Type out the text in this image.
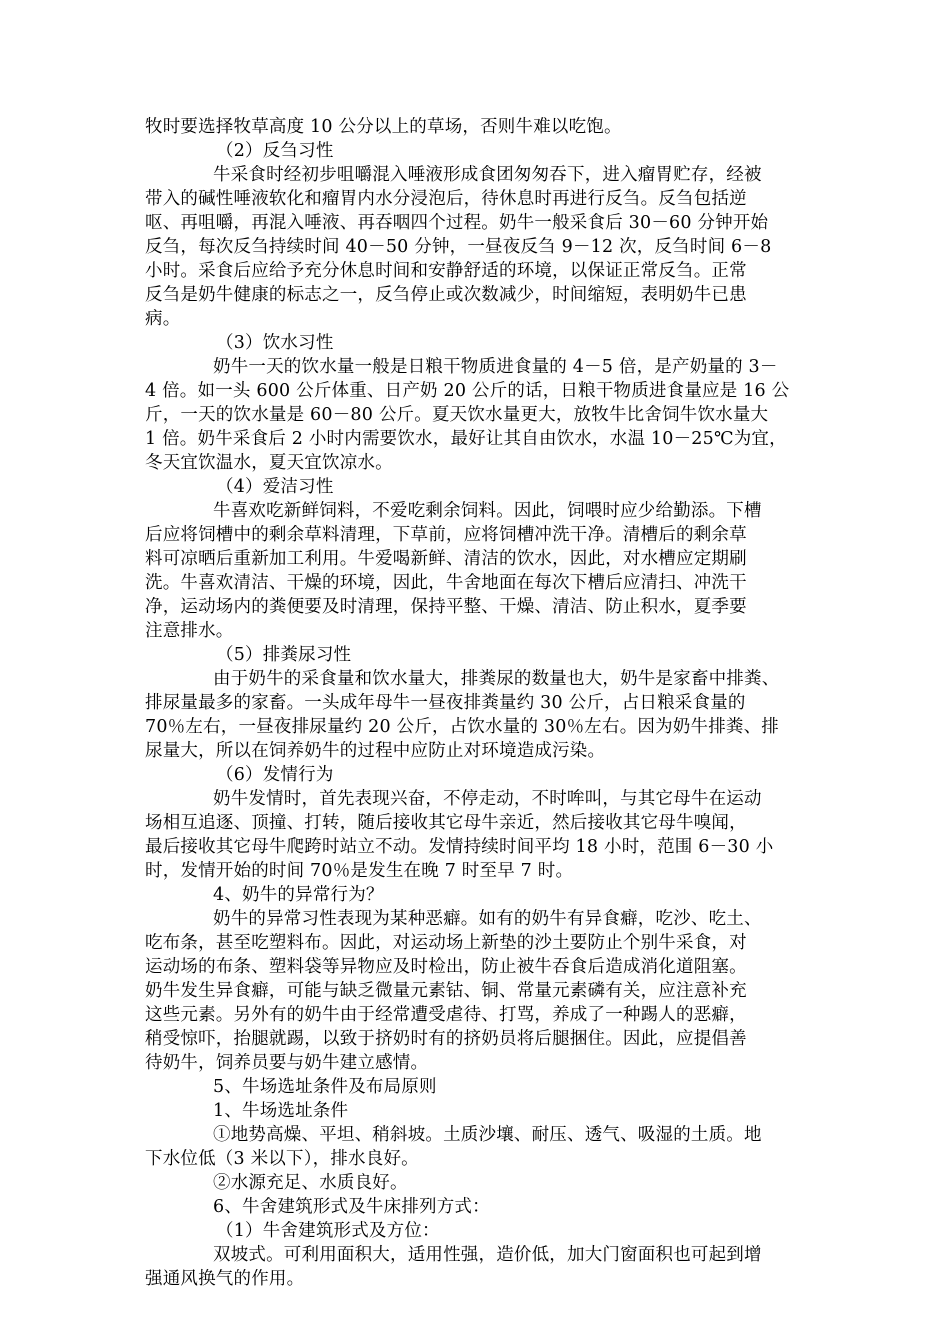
牧时要选择牧草高度 10 公分以上的草场，否则牛难以吃饱。
（2）反刍习性
牛采食时经初步咀嚼混入唾液形成食团匆匆吞下，进入瘤胃贮存，经被
带入的碱性唾液软化和瘤胃内水分浸泡后，待休息时再进行反刍。反刍包括逆
呕、再咀嚼，再混入唾液、再吞咽四个过程。奶牛一般采食后 30－60 分钟开始
反刍，每次反刍持续时间 40－50 分钟，一昼夜反刍 9－12 次，反刍时间 6－8
小时。采食后应给予充分休息时间和安静舒适的环境，以保证正常反刍。正常
反刍是奶牛健康的标志之一，反刍停止或次数减少，时间缩短，表明奶牛已患
病。
（3）饮水习性
奶牛一天的饮水量一般是日粮干物质进食量的 4－5 倍，是产奶量的 3－
4 倍。如一头 600 公斤体重、日产奶 20 公斤的话，日粮干物质进食量应是 16 公
斤，一天的饮水量是 60－80 公斤。夏天饮水量更大，放牧牛比舍饲牛饮水量大
1 倍。奶牛采食后 2 小时内需要饮水，最好让其自由饮水，水温 10－25℃为宜，
冬天宜饮温水，夏天宜饮凉水。
（4）爱洁习性
牛喜欢吃新鲜饲料，不爱吃剩余饲料。因此，饲喂时应少给勤添。下槽
后应将饲槽中的剩余草料清理，下草前，应将饲槽冲洗干净。清槽后的剩余草
料可凉晒后重新加工利用。牛爱喝新鲜、清洁的饮水，因此，对水槽应定期刷
洗。牛喜欢清洁、干燥的环境，因此，牛舍地面在每次下槽后应清扫、冲洗干
净，运动场内的粪便要及时清理，保持平整、干燥、清洁、防止积水，夏季要
注意排水。
（5）排粪尿习性
由于奶牛的采食量和饮水量大，排粪尿的数量也大，奶牛是家畜中排粪、
排尿量最多的家畜。一头成年母牛一昼夜排粪量约 30 公斤，占日粮采食量的
70％左右，一昼夜排尿量约 20 公斤，占饮水量的 30％左右。因为奶牛排粪、排
尿量大，所以在饲养奶牛的过程中应防止对环境造成污染。
（6）发情行为
奶牛发情时，首先表现兴奋，不停走动，不时哞叫，与其它母牛在运动
场相互追逐、顶撞、打转，随后接收其它母牛亲近，然后接收其它母牛嗅闻，
最后接收其它母牛爬跨时站立不动。发情持续时间平均 18 小时，范围 6－30 小
时，发情开始的时间 70％是发生在晚 7 时至早 7 时。
4、奶牛的异常行为？
奶牛的异常习性表现为某种恶癖。如有的奶牛有异食癖，吃沙、吃土、
吃布条，甚至吃塑料布。因此，对运动场上新垫的沙土要防止个别牛采食，对
运动场的布条、塑料袋等异物应及时检出，防止被牛吞食后造成消化道阻塞。
奶牛发生异食癖，可能与缺乏微量元素钴、铜、常量元素磷有关，应注意补充
这些元素。另外有的奶牛由于经常遭受虐待、打骂，养成了一种踢人的恶癖，
稍受惊吓，抬腿就踢，以致于挤奶时有的挤奶员将后腿捆住。因此，应提倡善
待奶牛，饲养员要与奶牛建立感情。
5、牛场选址条件及布局原则
1、牛场选址条件
①地势高燥、平坦、稍斜坡。土质沙壤、耐压、透气、吸湿的土质。地
下水位低（3 米以下），排水良好。
②水源充足、水质良好。
6、牛舍建筑形式及牛床排列方式：
（1）牛舍建筑形式及方位：
双坡式。可利用面积大，适用性强，造价低，加大门窗面积也可起到增
强通风换气的作用。
